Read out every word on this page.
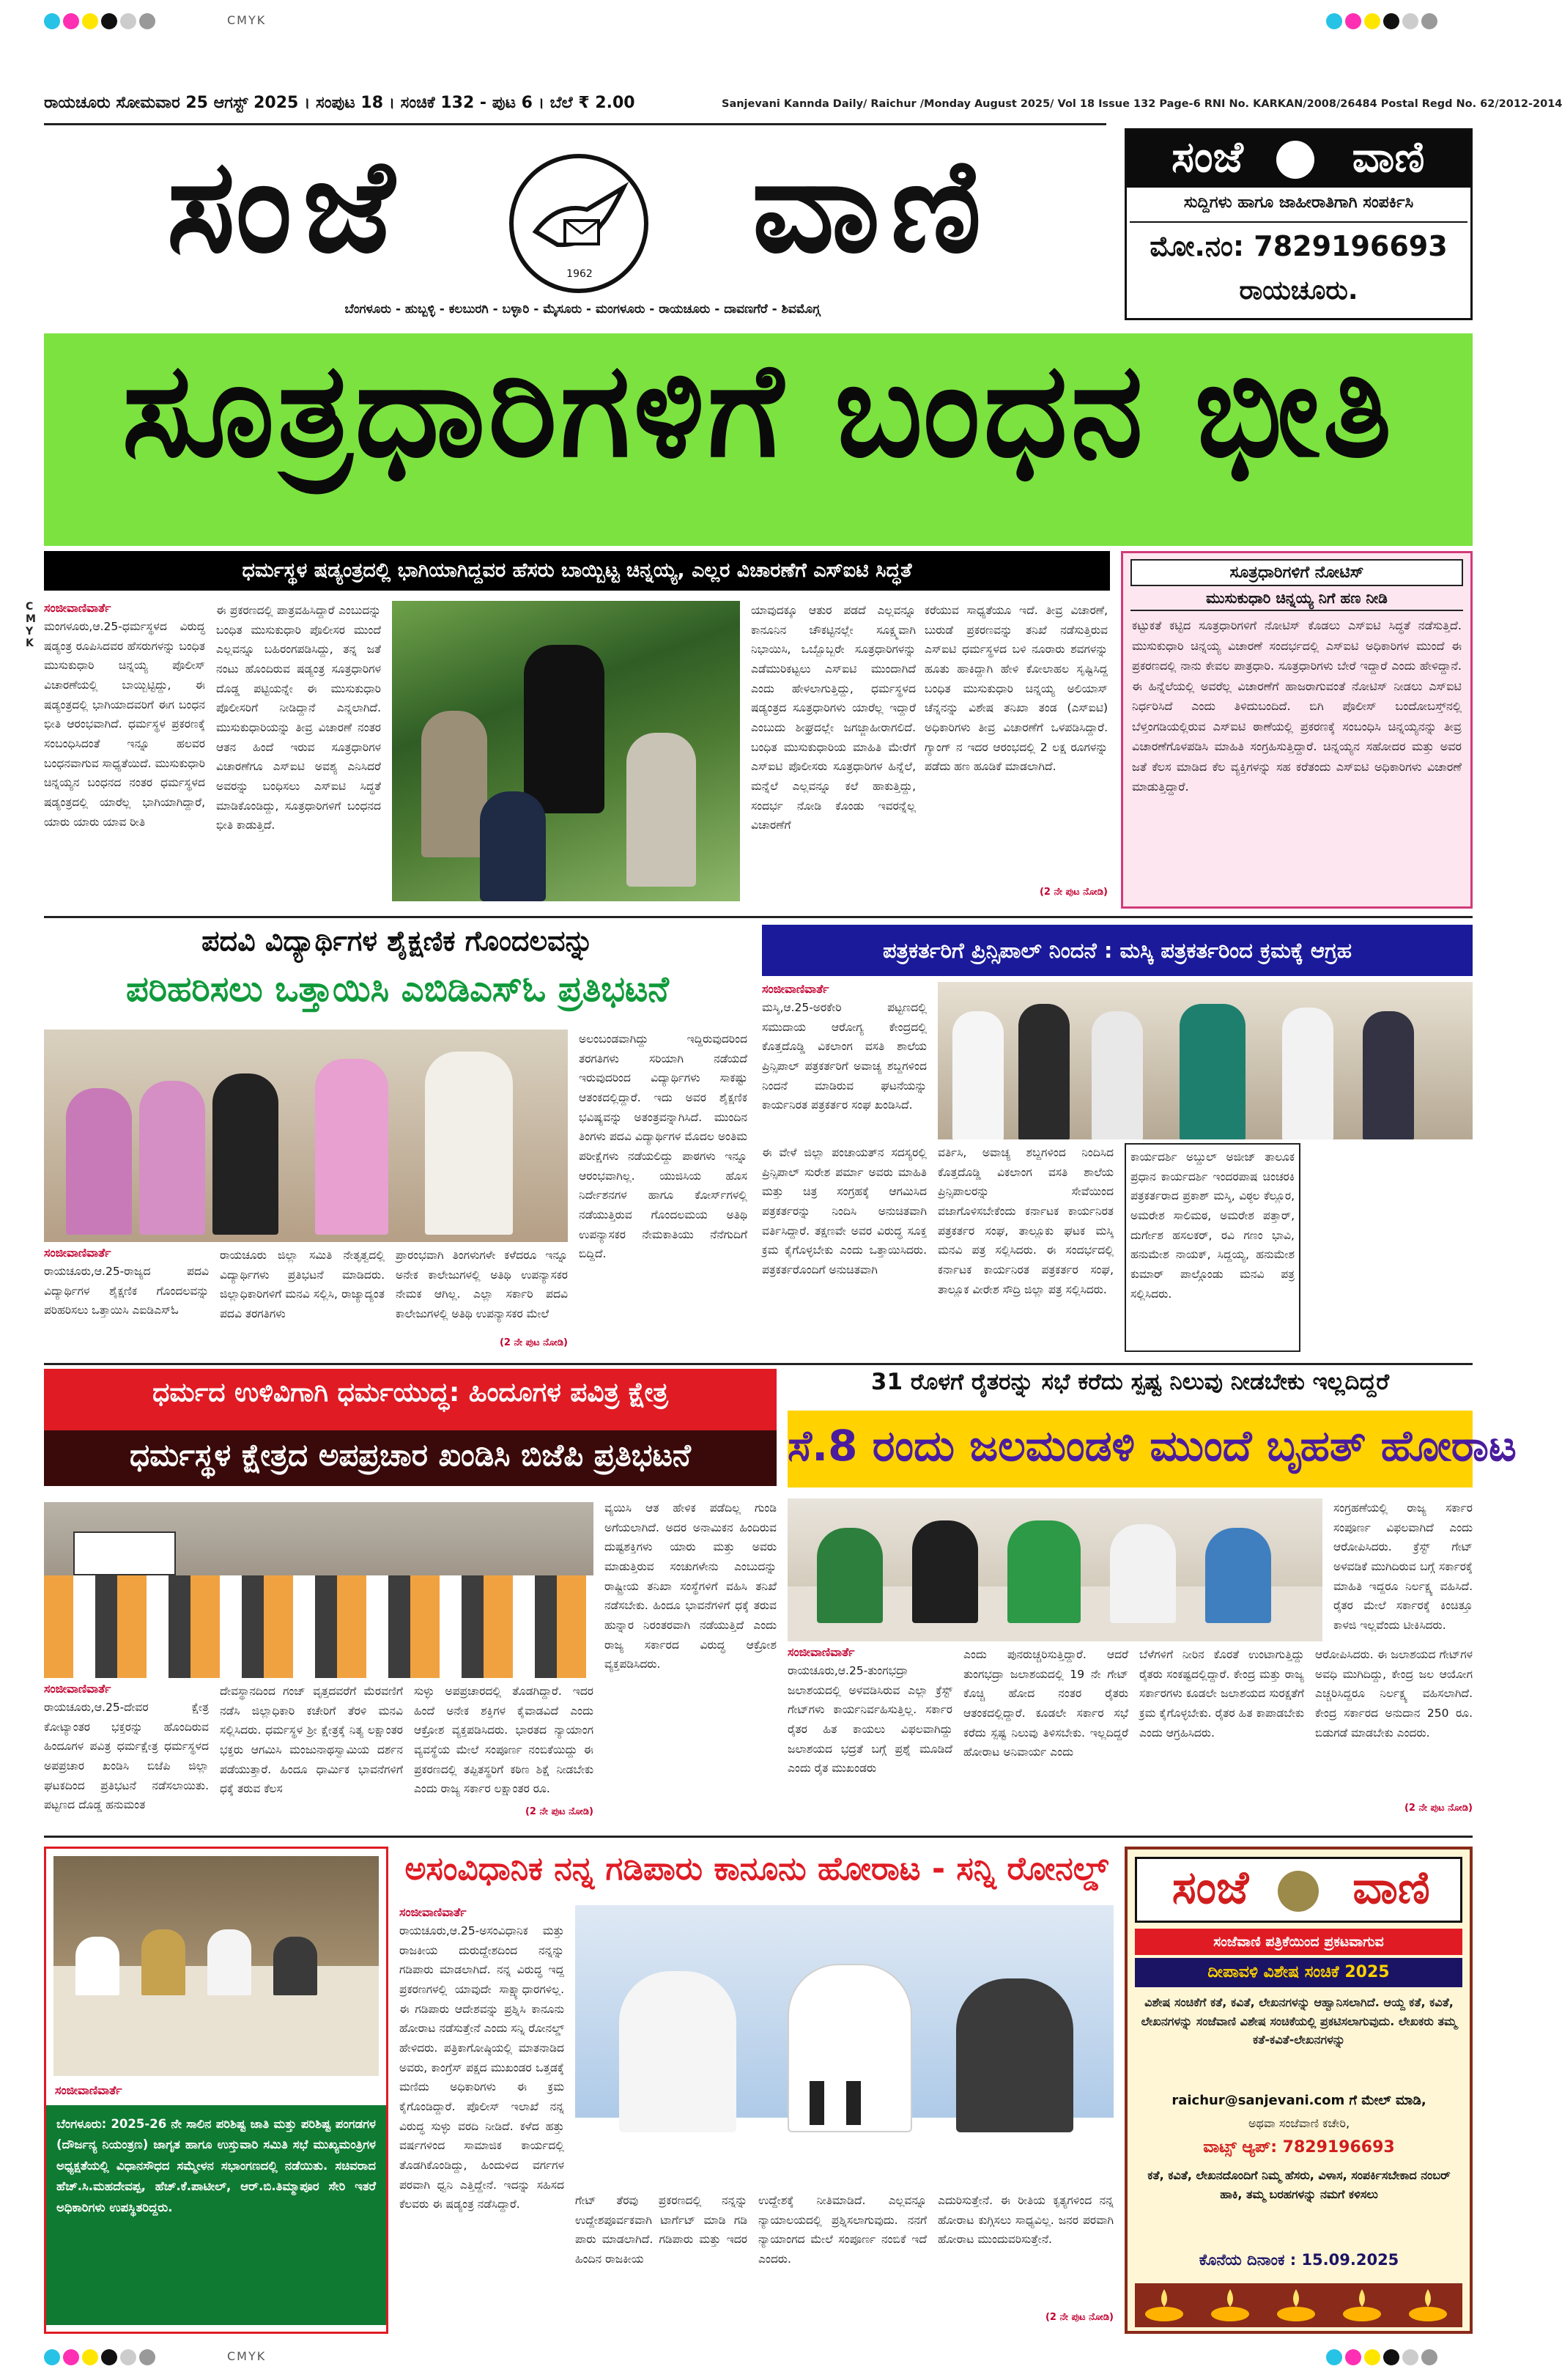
CMYK
CMYK
ರಾಯಚೂರು ಸೋಮವಾರ 25 ಆಗಸ್ಟ್ 2025 । ಸಂಪುಟ 18 । ಸಂಚಿಕೆ 132 - ಪುಟ 6 । ಬೆಲೆ ₹ 2.00	Sanjevani Kannda Daily/ Raichur /Monday August 2025/ Vol 18 Issue 132 Page-6 RNI No. KARKAN/2008/26484 Postal Regd No. 62/2012-2014
ಸಂಜೆ	1962	ವಾಣಿ
ಬೆಂಗಳೂರು - ಹುಬ್ಬಳ್ಳಿ - ಕಲಬುರಗಿ - ಬಳ್ಳಾರಿ - ಮೈಸೂರು - ಮಂಗಳೂರು - ರಾಯಚೂರು - ದಾವಣಗೆರೆ - ಶಿವಮೊಗ್ಗ
ಸಂಜೆ	ವಾಣಿ
ಸುದ್ದಿಗಳು ಹಾಗೂ ಜಾಹೀರಾತಿಗಾಗಿ ಸಂಪರ್ಕಿಸಿ
ಮೋ.ನಂ: 7829196693
ರಾಯಚೂರು.
ಸೂತ್ರಧಾರಿಗಳಿಗೆ ಬಂಧನ ಭೀತಿ
ಧರ್ಮಸ್ಥಳ ಷಡ್ಯಂತ್ರದಲ್ಲಿ ಭಾಗಿಯಾಗಿದ್ದವರ ಹೆಸರು ಬಾಯ್ಬಿಟ್ಟ ಚಿನ್ನಯ್ಯ, ಎಲ್ಲರ ವಿಚಾರಣೆಗೆ ಎಸ್ಐಟಿ ಸಿದ್ಧತೆ
C
M
Y
K
ಸಂಜೀವಾಣಿವಾರ್ತೆ
ಮಂಗಳೂರು,ಆ.25-ಧರ್ಮಸ್ಥಳದ ವಿರುದ್ಧ ಷಡ್ಯಂತ್ರ ರೂಪಿಸಿದವರ ಹೆಸರುಗಳನ್ನು ಬಂಧಿತ ಮುಸುಕುಧಾರಿ ಚಿನ್ನಯ್ಯ ಪೊಲೀಸ್ ವಿಚಾರಣೆಯಲ್ಲಿ ಬಾಯ್ಬಿಟ್ಟಿದ್ದು, ಈ ಷಡ್ಯಂತ್ರದಲ್ಲಿ ಭಾಗಿಯಾದವರಿಗೆ ಈಗ ಬಂಧನ ಭೀತಿ ಆರಂಭವಾಗಿದೆ. ಧರ್ಮಸ್ಥಳ ಪ್ರಕರಣಕ್ಕೆ ಸಂಬಂಧಿಸಿದಂತೆ ಇನ್ನೂ ಹಲವರ ಬಂಧನವಾಗುವ ಸಾಧ್ಯತೆಯಿದೆ. ಮುಸುಕುಧಾರಿ ಚಿನ್ನಯ್ಯನ ಬಂಧನದ ನಂತರ ಧರ್ಮಸ್ಥಳದ ಷಡ್ಯಂತ್ರದಲ್ಲಿ ಯಾರೆಲ್ಲ ಭಾಗಿಯಾಗಿದ್ದಾರೆ, ಯಾರು ಯಾರು ಯಾವ ರೀತಿ
ಈ ಪ್ರಕರಣದಲ್ಲಿ ಪಾತ್ರವಹಿಸಿದ್ದಾರೆ ಎಂಬುದನ್ನು ಬಂಧಿತ ಮುಸುಕುಧಾರಿ ಪೊಲೀಸರ ಮುಂದೆ ಎಲ್ಲವನ್ನೂ ಬಹಿರಂಗಪಡಿಸಿದ್ದು, ತನ್ನ ಜತೆ ನಂಟು ಹೊಂದಿರುವ ಷಡ್ಯಂತ್ರ ಸೂತ್ರಧಾರಿಗಳ ದೊಡ್ಡ ಪಟ್ಟಿಯನ್ನೇ ಈ ಮುಸುಕುಧಾರಿ ಪೊಲೀಸರಿಗೆ ನೀಡಿದ್ದಾನೆ ಎನ್ನಲಾಗಿದೆ. ಮುಸುಕುಧಾರಿಯನ್ನು ತೀವ್ರ ವಿಚಾರಣೆ ನಂತರ ಆತನ ಹಿಂದೆ ಇರುವ ಸೂತ್ರಧಾರಿಗಳ ವಿಚಾರಣೆಗೂ ಎಸ್ಐಟಿ ಅವಶ್ಯ ಎನಿಸಿದರೆ ಅವರನ್ನು ಬಂಧಿಸಲು ಎಸ್ಐಟಿ ಸಿದ್ಧತೆ ಮಾಡಿಕೊಂಡಿದ್ದು, ಸೂತ್ರಧಾರಿಗಳಿಗೆ ಬಂಧನದ ಭೀತಿ ಕಾಡುತ್ತಿದೆ.
ಯಾವುದಕ್ಕೂ ಆತುರ ಪಡದೆ ಎಲ್ಲವನ್ನೂ ಕಾನೂನಿನ ಚೌಕಟ್ಟಿನಲ್ಲೇ ಸೂಕ್ಷ್ಮವಾಗಿ ನಿಭಾಯಿಸಿ, ಒಬ್ಬೊಬ್ಬರೇ ಸೂತ್ರಧಾರಿಗಳನ್ನು ಎಡೆಮುರಿಕಟ್ಟಲು ಎಸ್ಐಟಿ ಮುಂದಾಗಿದೆ ಎಂದು ಹೇಳಲಾಗುತ್ತಿದ್ದು, ಧರ್ಮಸ್ಥಳದ ಷಡ್ಯಂತ್ರದ ಸೂತ್ರಧಾರಿಗಳು ಯಾರೆಲ್ಲ ಇದ್ದಾರೆ ಎಂಬುದು ಶೀಘ್ರದಲ್ಲೇ ಜಗಜ್ಜಾಹೀರಾಗಲಿದೆ. ಬಂಧಿತ ಮುಸುಕುಧಾರಿಯ ಮಾಹಿತಿ ಮೇರೆಗೆ ಎಸ್ಐಟಿ ಪೊಲೀಸರು ಸೂತ್ರಧಾರಿಗಳ ಹಿನ್ನೆಲೆ, ಮನ್ನೆಲೆ ಎಲ್ಲವನ್ನೂ ಕಲೆ ಹಾಕುತ್ತಿದ್ದು, ಸಂದರ್ಭ ನೋಡಿ ಕೊಂಡು ಇವರನ್ನೆಲ್ಲ ವಿಚಾರಣೆಗೆ
ಕರೆಯುವ ಸಾಧ್ಯತೆಯೂ ಇದೆ. ತೀವ್ರ ವಿಚಾರಣೆ, ಬುರುಡೆ ಪ್ರಕರಣವನ್ನು ತನಿಖೆ ನಡೆಸುತ್ತಿರುವ ಎಸ್ಐಟಿ ಧರ್ಮಸ್ಥಳದ ಬಳಿ ನೂರಾರು ಶವಗಳನ್ನು ಹೂತು ಹಾಕಿದ್ದಾಗಿ ಹೇಳಿ ಕೋಲಾಹಲ ಸೃಷ್ಟಿಸಿದ್ದ ಬಂಧಿತ ಮುಸುಕುಧಾರಿ ಚಿನ್ನಯ್ಯ ಅಲಿಯಾಸ್ ಚೆನ್ನನನ್ನು ವಿಶೇಷ ತನಿಖಾ ತಂಡ (ಎಸ್ಐಟಿ) ಅಧಿಕಾರಿಗಳು ತೀವ್ರ ವಿಚಾರಣೆಗೆ ಒಳಪಡಿಸಿದ್ದಾರೆ. ಗ್ಯಾಂಗ್ ನ ಇದರ ಆರಂಭದಲ್ಲಿ 2 ಲಕ್ಷ ರೂಗಳನ್ನು ಪಡೆದು ಹಣ ಹೂಡಿಕೆ ಮಾಡಲಾಗಿದೆ.
(2 ನೇ ಪುಟ ನೋಡಿ)
ಸೂತ್ರಧಾರಿಗಳಿಗೆ ನೋಟಿಸ್
ಮುಸುಕುಧಾರಿ ಚಿನ್ನಯ್ಯ ನಿಗೆ ಹಣ ನೀಡಿ
ಕಟ್ಟುಕತೆ ಕಟ್ಟಿದ ಸೂತ್ರಧಾರಿಗಳಿಗೆ ನೋಟಿಸ್ ಕೊಡಲು ಎಸ್ಐಟಿ ಸಿದ್ಧತೆ ನಡೆಸುತ್ತಿದೆ. ಮುಸುಕುಧಾರಿ ಚಿನ್ನಯ್ಯ ವಿಚಾರಣೆ ಸಂದರ್ಭದಲ್ಲಿ ಎಸ್ಐಟಿ ಅಧಿಕಾರಿಗಳ ಮುಂದೆ ಈ ಪ್ರಕರಣದಲ್ಲಿ ನಾನು ಕೇವಲ ಪಾತ್ರಧಾರಿ. ಸೂತ್ರಧಾರಿಗಳು ಬೇರೆ ಇದ್ದಾರೆ ಎಂದು ಹೇಳಿದ್ದಾನೆ. ಈ ಹಿನ್ನೆಲೆಯಲ್ಲಿ ಅವರೆಲ್ಲ ವಿಚಾರಣೆಗೆ ಹಾಜರಾಗುವಂತೆ ನೋಟಿಸ್ ನೀಡಲು ಎಸ್ಐಟಿ ನಿರ್ಧರಿಸಿದೆ ಎಂದು ತಿಳಿದುಬಂದಿದೆ. ಬಿಗಿ ಪೊಲೀಸ್ ಬಂದೋಬಸ್ತ್‌ನಲ್ಲಿ ಬೆಳ್ತಂಗಡಿಯಲ್ಲಿರುವ ಎಸ್ಐಟಿ ಠಾಣೆಯಲ್ಲಿ ಪ್ರಕರಣಕ್ಕೆ ಸಂಬಂಧಿಸಿ ಚಿನ್ನಯ್ಯನನ್ನು ತೀವ್ರ ವಿಚಾರಣೆಗೊಳಪಡಿಸಿ ಮಾಹಿತಿ ಸಂಗ್ರಹಿಸುತ್ತಿದ್ದಾರೆ. ಚಿನ್ನಯ್ಯನ ಸಹೋದರ ಮತ್ತು ಅವರ ಜತೆ ಕೆಲಸ ಮಾಡಿದ ಕೆಲ ವ್ಯಕ್ತಿಗಳನ್ನು ಸಹ ಕರೆತಂದು ಎಸ್ಐಟಿ ಅಧಿಕಾರಿಗಳು ವಿಚಾರಣೆ ಮಾಡುತ್ತಿದ್ದಾರೆ.
ಪದವಿ ವಿದ್ಯಾರ್ಥಿಗಳ ಶೈಕ್ಷಣಿಕ ಗೊಂದಲವನ್ನು
ಪರಿಹರಿಸಲು ಒತ್ತಾಯಿಸಿ ಎಬಿಡಿಎಸ್ಓ ಪ್ರತಿಭಟನೆ
ಅಲಂಬಂಡವಾಗಿದ್ದು ಇದ್ದಿರುವುದರಿಂದ ತರಗತಿಗಳು ಸರಿಯಾಗಿ ನಡೆಯದೆ ಇರುವುದರಿಂದ ವಿದ್ಯಾರ್ಥಿಗಳು ಸಾಕಷ್ಟು ಆತಂಕದಲ್ಲಿದ್ದಾರೆ. ಇದು ಅವರ ಶೈಕ್ಷಣಿಕ ಭವಿಷ್ಯವನ್ನು ಅತಂತ್ರವನ್ನಾಗಿಸಿದೆ. ಮುಂದಿನ ತಿಂಗಳು ಪದವಿ ವಿದ್ಯಾರ್ಥಿಗಳ ಮೊದಲ ಅಂತಿಮ ಪರೀಕ್ಷೆಗಳು ನಡೆಯಲಿದ್ದು ಪಾಠಗಳು ಇನ್ನೂ ಆರಂಭವಾಗಿಲ್ಲ. ಯುಜಿಸಿಯ ಹೊಸ ನಿರ್ದೇಶನಗಳ ಹಾಗೂ ಕೋರ್ಸ್‌ಗಳಲ್ಲಿ ನಡೆಯುತ್ತಿರುವ ಗೊಂದಲಮಯ ಅತಿಥಿ ಉಪನ್ಯಾಸಕರ ನೇಮಕಾತಿಯು ನೆನೆಗುದಿಗೆ ಬಿದ್ದಿದೆ.
ಸಂಜೀವಾಣಿವಾರ್ತೆ
ರಾಯಚೂರು,ಆ.25-ರಾಜ್ಯದ ಪದವಿ ವಿದ್ಯಾರ್ಥಿಗಳ ಶೈಕ್ಷಣಿಕ ಗೊಂದಲವನ್ನು ಪರಿಹರಿಸಲು ಒತ್ತಾಯಿಸಿ ಎಐಡಿಎಸ್ಓ
ರಾಯಚೂರು ಜಿಲ್ಲಾ ಸಮಿತಿ ನೇತೃತ್ವದಲ್ಲಿ ವಿದ್ಯಾರ್ಥಿಗಳು ಪ್ರತಿಭಟನೆ ಮಾಡಿದರು. ಜಿಲ್ಲಾಧಿಕಾರಿಗಳಿಗೆ ಮನವಿ ಸಲ್ಲಿಸಿ, ರಾಜ್ಯಾದ್ಯಂತ ಪದವಿ ತರಗತಿಗಳು
ಪ್ರಾರಂಭವಾಗಿ ತಿಂಗಳುಗಳೇ ಕಳೆದರೂ ಇನ್ನೂ ಅನೇಕ ಕಾಲೇಜುಗಳಲ್ಲಿ ಅತಿಥಿ ಉಪನ್ಯಾಸಕರ ನೇಮಕ ಆಗಿಲ್ಲ. ಎಲ್ಲಾ ಸರ್ಕಾರಿ ಪದವಿ ಕಾಲೇಜುಗಳಲ್ಲಿ ಅತಿಥಿ ಉಪನ್ಯಾಸಕರ ಮೇಲೆ
(2 ನೇ ಪುಟ ನೋಡಿ)
ಪತ್ರಕರ್ತರಿಗೆ ಪ್ರಿನ್ಸಿಪಾಲ್ ನಿಂದನೆ : ಮಸ್ಕಿ ಪತ್ರಕರ್ತರಿಂದ ಕ್ರಮಕ್ಕೆ ಆಗ್ರಹ
ಸಂಜೀವಾಣಿವಾರ್ತೆ
ಮಸ್ಕಿ,ಆ.25-ಅರಕೇರಿ ಪಟ್ಟಣದಲ್ಲಿ ಸಮುದಾಯ ಆರೋಗ್ಯ ಕೇಂದ್ರದಲ್ಲಿ ಕೊತ್ತದೊಡ್ಡಿ ವಿಕಲಾಂಗ ವಸತಿ ಶಾಲೆಯ ಪ್ರಿನ್ಸಿಪಾಲ್ ಪತ್ರಕರ್ತರಿಗೆ ಅವಾಚ್ಯ ಶಬ್ದಗಳಿಂದ ನಿಂದನೆ ಮಾಡಿರುವ ಘಟನೆಯನ್ನು ಕಾರ್ಯನಿರತ ಪತ್ರಕರ್ತರ ಸಂಘ ಖಂಡಿಸಿದೆ.
ಈ ವೇಳೆ ಜಿಲ್ಲಾ ಪಂಚಾಯತ್‌ನ ಸದಸ್ಯರಲ್ಲಿ ಪ್ರಿನ್ಸಿಪಾಲ್ ಸುರೇಶ ಪರ್ಮಾ ಅವರು ಮಾಹಿತಿ ಮತ್ತು ಚಿತ್ರ ಸಂಗ್ರಹಕ್ಕೆ ಆಗಮಿಸಿದ ಪತ್ರಕರ್ತರನ್ನು ನಿಂದಿಸಿ ಅನುಚಿತವಾಗಿ ವರ್ತಿಸಿದ್ದಾರೆ. ತಕ್ಷಣವೇ ಅವರ ವಿರುದ್ಧ ಸೂಕ್ತ ಕ್ರಮ ಕೈಗೊಳ್ಳಬೇಕು ಎಂದು ಒತ್ತಾಯಿಸಿದರು. ಪತ್ರಕರ್ತರೊಂದಿಗೆ ಅನುಚಿತವಾಗಿ
ವರ್ತಿಸಿ, ಅವಾಚ್ಯ ಶಬ್ದಗಳಿಂದ ನಿಂದಿಸಿದ ಕೊತ್ತದೊಡ್ಡಿ ವಿಕಲಾಂಗ ವಸತಿ ಶಾಲೆಯ ಪ್ರಿನ್ಸಿಪಾಲರನ್ನು ಸೇವೆಯಿಂದ ವಜಾಗೊಳಿಸಬೇಕೆಂದು ಕರ್ನಾಟಕ ಕಾರ್ಯನಿರತ ಪತ್ರಕರ್ತರ ಸಂಘ, ತಾಲ್ಲೂಕು ಘಟಕ ಮಸ್ಕಿ ಮನವಿ ಪತ್ರ ಸಲ್ಲಿಸಿದರು. ಈ ಸಂದರ್ಭದಲ್ಲಿ ಕರ್ನಾಟಕ ಕಾರ್ಯನಿರತ ಪತ್ರಕರ್ತರ ಸಂಘ, ತಾಲ್ಲೂಕ ವೀರೇಶ ಸೌದ್ರಿ ಜಿಲ್ಲಾ ಪತ್ರ ಸಲ್ಲಿಸಿದರು.
ಕಾರ್ಯದರ್ಶಿ ಅಬ್ದುಲ್ ಅಜೀಜ್ ತಾಲೂಕ ಪ್ರಧಾನ ಕಾರ್ಯದರ್ಶಿ ಇಂದರಪಾಷ ಚಿಂಚರಕಿ ಪತ್ರಕರ್ತರಾದ ಪ್ರಕಾಶ್ ಮಸ್ಕಿ, ವಿಠ್ಠಲ ಕೆಲ್ಲೂರ, ಅಮರೇಶ ಸಾಲಿಮಠ, ಅಮರೇಶ ಪತ್ತಾರ್, ದುರ್ಗೇಶ ಹಸಲಕರ್, ರವಿ ಗಣಂ ಭಾವಿ, ಹನುಮೇಶ ನಾಯಕ್, ಸಿದ್ದಯ್ಯ, ಹನುಮೇಶ ಕುಮಾರ್ ಪಾಲ್ಗೊಂಡು ಮನವಿ ಪತ್ರ ಸಲ್ಲಿಸಿದರು.
ಧರ್ಮದ ಉಳಿವಿಗಾಗಿ ಧರ್ಮಯುದ್ಧ: ಹಿಂದೂಗಳ ಪವಿತ್ರ ಕ್ಷೇತ್ರ
ಧರ್ಮಸ್ಥಳ ಕ್ಷೇತ್ರದ ಅಪಪ್ರಚಾರ ಖಂಡಿಸಿ ಬಿಜೆಪಿ ಪ್ರತಿಭಟನೆ
ವ್ಯಯಿಸಿ ಆತ ಹೇಳಿಕ ಪಡೆದಿಲ್ಲ ಗುಂಡಿ ಅಗೆಯಲಾಗಿದೆ. ಅದರ ಅನಾಮಿಕನ ಹಿಂದಿರುವ ದುಷ್ಟಶಕ್ತಿಗಳು ಯಾರು ಮತ್ತು ಅವರು ಮಾಡುತ್ತಿರುವ ಸಂಚುಗಳೇನು ಎಂಬುದನ್ನು ರಾಷ್ಟ್ರೀಯ ತನಿಖಾ ಸಂಸ್ಥೆಗಳಿಗೆ ವಹಿಸಿ ತನಿಖೆ ನಡೆಸಬೇಕು. ಹಿಂದೂ ಭಾವನೆಗಳಿಗೆ ಧಕ್ಕೆ ತರುವ ಹುನ್ನಾರ ನಿರಂತರವಾಗಿ ನಡೆಯುತ್ತಿದೆ ಎಂದು ರಾಜ್ಯ ಸರ್ಕಾರದ ವಿರುದ್ಧ ಆಕ್ರೋಶ ವ್ಯಕ್ತಪಡಿಸಿದರು.
ಸಂಜೀವಾಣಿವಾರ್ತೆ
ರಾಯಚೂರು,ಆ.25-ದೇವರ ಕ್ಷೇತ್ರ ಕೋಟ್ಯಾಂತರ ಭಕ್ತರನ್ನು ಹೊಂದಿರುವ ಹಿಂದೂಗಳ ಪವಿತ್ರ ಧರ್ಮಕ್ಷೇತ್ರ ಧರ್ಮಸ್ಥಳದ ಅಪಪ್ರಚಾರ ಖಂಡಿಸಿ ಬಿಜೆಪಿ ಜಿಲ್ಲಾ ಘಟಕದಿಂದ ಪ್ರತಿಭಟನೆ ನಡೆಸಲಾಯಿತು. ಪಟ್ಟಣದ ದೊಡ್ಡ ಹನುಮಂತ
ದೇವಸ್ಥಾನದಿಂದ ಗಂಜ್ ವೃತ್ತದವರೆಗೆ ಮೆರವಣಿಗೆ ನಡೆಸಿ ಜಿಲ್ಲಾಧಿಕಾರಿ ಕಚೇರಿಗೆ ತೆರಳಿ ಮನವಿ ಸಲ್ಲಿಸಿದರು. ಧರ್ಮಸ್ಥಳ ಶ್ರೀ ಕ್ಷೇತ್ರಕ್ಕೆ ನಿತ್ಯ ಲಕ್ಷಾಂತರ ಭಕ್ತರು ಆಗಮಿಸಿ ಮಂಜುನಾಥಸ್ವಾಮಿಯ ದರ್ಶನ ಪಡೆಯುತ್ತಾರೆ. ಹಿಂದೂ ಧಾರ್ಮಿಕ ಭಾವನೆಗಳಿಗೆ ಧಕ್ಕೆ ತರುವ ಕೆಲಸ
ಸುಳ್ಳು ಅಪಪ್ರಚಾರದಲ್ಲಿ ತೊಡಗಿದ್ದಾರೆ. ಇದರ ಹಿಂದೆ ಅನೇಕ ಶಕ್ತಿಗಳ ಕೈವಾಡವಿದೆ ಎಂದು ಆಕ್ರೋಶ ವ್ಯಕ್ತಪಡಿಸಿದರು. ಭಾರತದ ನ್ಯಾಯಾಂಗ ವ್ಯವಸ್ಥೆಯ ಮೇಲೆ ಸಂಪೂರ್ಣ ನಂಬಿಕೆಯಿದ್ದು ಈ ಪ್ರಕರಣದಲ್ಲಿ ತಪ್ಪಿತಸ್ಥರಿಗೆ ಕಠಿಣ ಶಿಕ್ಷೆ ನೀಡಬೇಕು ಎಂದು ರಾಜ್ಯ ಸರ್ಕಾರ ಲಕ್ಷಾಂತರ ರೂ.
(2 ನೇ ಪುಟ ನೋಡಿ)
31 ರೊಳಗೆ ರೈತರನ್ನು ಸಭೆ ಕರೆದು ಸ್ಪಷ್ಟ ನಿಲುವು ನೀಡಬೇಕು ಇಲ್ಲದಿದ್ದರೆ
ಸೆ.8 ರಂದು ಜಲಮಂಡಳಿ ಮುಂದೆ ಬೃಹತ್ ಹೋರಾಟ
ಸಂಗ್ರಹಣೆಯಲ್ಲಿ ರಾಜ್ಯ ಸರ್ಕಾರ ಸಂಪೂರ್ಣ ವಿಫಲವಾಗಿದೆ ಎಂದು ಆರೋಪಿಸಿದರು. ಕ್ರೆಸ್ಟ್ ಗೇಟ್ ಅಳವಡಿಕೆ ಮುಗಿದಿರುವ ಬಗ್ಗೆ ಸರ್ಕಾರಕ್ಕೆ ಮಾಹಿತಿ ಇದ್ದರೂ ನಿರ್ಲಕ್ಷ್ಯ ವಹಿಸಿದೆ. ರೈತರ ಮೇಲೆ ಸರ್ಕಾರಕ್ಕೆ ಕಿಂಚಿತ್ತೂ ಕಾಳಜಿ ಇಲ್ಲವೆಂದು ಟೀಕಿಸಿದರು.
ಸಂಜೀವಾಣಿವಾರ್ತೆ
ರಾಯಚೂರು,ಆ.25-ತುಂಗಭದ್ರಾ ಜಲಾಶಯದಲ್ಲಿ ಅಳವಡಿಸಿರುವ ಎಲ್ಲಾ ಕ್ರೆಸ್ಟ್ ಗೇಟ್‌ಗಳು ಕಾರ್ಯನಿರ್ವಹಿಸುತ್ತಿಲ್ಲ. ಸರ್ಕಾರ ರೈತರ ಹಿತ ಕಾಯಲು ವಿಫಲವಾಗಿದ್ದು ಜಲಾಶಯದ ಭದ್ರತೆ ಬಗ್ಗೆ ಪ್ರಶ್ನೆ ಮೂಡಿದೆ ಎಂದು ರೈತ ಮುಖಂಡರು
ಎಂದು ಪುನರುಚ್ಚರಿಸುತ್ತಿದ್ದಾರೆ. ಆದರೆ ತುಂಗಭದ್ರಾ ಜಲಾಶಯದಲ್ಲಿ 19 ನೇ ಗೇಟ್ ಕೊಚ್ಚಿ ಹೋದ ನಂತರ ರೈತರು ಆತಂಕದಲ್ಲಿದ್ದಾರೆ. ಕೂಡಲೇ ಸರ್ಕಾರ ಸಭೆ ಕರೆದು ಸ್ಪಷ್ಟ ನಿಲುವು ತಿಳಿಸಬೇಕು. ಇಲ್ಲದಿದ್ದರೆ ಹೋರಾಟ ಅನಿವಾರ್ಯ ಎಂದು
ಬೆಳೆಗಳಿಗೆ ನೀರಿನ ಕೊರತೆ ಉಂಟಾಗುತ್ತಿದ್ದು ರೈತರು ಸಂಕಷ್ಟದಲ್ಲಿದ್ದಾರೆ. ಕೇಂದ್ರ ಮತ್ತು ರಾಜ್ಯ ಸರ್ಕಾರಗಳು ಕೂಡಲೇ ಜಲಾಶಯದ ಸುರಕ್ಷತೆಗೆ ಕ್ರಮ ಕೈಗೊಳ್ಳಬೇಕು. ರೈತರ ಹಿತ ಕಾಪಾಡಬೇಕು ಎಂದು ಆಗ್ರಹಿಸಿದರು.
ಆರೋಪಿಸಿದರು. ಈ ಜಲಾಶಯದ ಗೇಟ್‌ಗಳ ಅವಧಿ ಮುಗಿದಿದ್ದು, ಕೇಂದ್ರ ಜಲ ಆಯೋಗ ಎಚ್ಚರಿಸಿದ್ದರೂ ನಿರ್ಲಕ್ಷ್ಯ ವಹಿಸಲಾಗಿದೆ. ಕೇಂದ್ರ ಸರ್ಕಾರದ ಅನುದಾನ 250 ರೂ. ಬಿಡುಗಡೆ ಮಾಡಬೇಕು ಎಂದರು.
(2 ನೇ ಪುಟ ನೋಡಿ)
ಸಂಜೀವಾಣಿವಾರ್ತೆ
ಬೆಂಗಳೂರು: 2025-26 ನೇ ಸಾಲಿನ ಪರಿಶಿಷ್ಟ ಜಾತಿ ಮತ್ತು ಪರಿಶಿಷ್ಟ ಪಂಗಡಗಳ (ದೌರ್ಜನ್ಯ ನಿಯಂತ್ರಣ) ಜಾಗೃತ ಹಾಗೂ ಉಸ್ತುವಾರಿ ಸಮಿತಿ ಸಭೆ ಮುಖ್ಯಮಂತ್ರಿಗಳ ಅಧ್ಯಕ್ಷತೆಯಲ್ಲಿ ವಿಧಾನಸೌಧದ ಸಮ್ಮೇಳನ ಸಭಾಂಗಣದಲ್ಲಿ ನಡೆಯಿತು. ಸಚಿವರಾದ ಹೆಚ್.ಸಿ.ಮಹದೇವಪ್ಪ, ಹೆಚ್.ಕೆ.ಪಾಟೀಲ್, ಆರ್.ಬಿ.ತಿಮ್ಮಾಪೂರ ಸೇರಿ ಇತರೆ ಅಧಿಕಾರಿಗಳು ಉಪಸ್ಥಿತರಿದ್ದರು.
ಅಸಂವಿಧಾನಿಕ ನನ್ನ ಗಡಿಪಾರು ಕಾನೂನು ಹೋರಾಟ - ಸನ್ನಿ ರೋನಲ್ಡ್
ಸಂಜೀವಾಣಿವಾರ್ತೆ
ರಾಯಚೂರು,ಆ.25-ಅಸಂವಿಧಾನಿಕ ಮತ್ತು ರಾಜಕೀಯ ದುರುದ್ದೇಶದಿಂದ ನನ್ನನ್ನು ಗಡಿಪಾರು ಮಾಡಲಾಗಿದೆ. ನನ್ನ ವಿರುದ್ಧ ಇದ್ದ ಪ್ರಕರಣಗಳಲ್ಲಿ ಯಾವುದೇ ಸಾಕ್ಷ್ಯಾಧಾರಗಳಿಲ್ಲ. ಈ ಗಡಿಪಾರು ಆದೇಶವನ್ನು ಪ್ರಶ್ನಿಸಿ ಕಾನೂನು ಹೋರಾಟ ನಡೆಸುತ್ತೇನೆ ಎಂದು ಸನ್ನಿ ರೋನಲ್ಡ್ ಹೇಳಿದರು. ಪತ್ರಿಕಾಗೋಷ್ಠಿಯಲ್ಲಿ ಮಾತನಾಡಿದ ಅವರು, ಕಾಂಗ್ರೆಸ್ ಪಕ್ಷದ ಮುಖಂಡರ ಒತ್ತಡಕ್ಕೆ ಮಣಿದು ಅಧಿಕಾರಿಗಳು ಈ ಕ್ರಮ ಕೈಗೊಂಡಿದ್ದಾರೆ. ಪೊಲೀಸ್ ಇಲಾಖೆ ನನ್ನ ವಿರುದ್ಧ ಸುಳ್ಳು ವರದಿ ನೀಡಿದೆ. ಕಳೆದ ಹತ್ತು ವರ್ಷಗಳಿಂದ ಸಾಮಾಜಿಕ ಕಾರ್ಯದಲ್ಲಿ ತೊಡಗಿಕೊಂಡಿದ್ದು, ಹಿಂದುಳಿದ ವರ್ಗಗಳ ಪರವಾಗಿ ಧ್ವನಿ ಎತ್ತಿದ್ದೇನೆ. ಇದನ್ನು ಸಹಿಸದ ಕೆಲವರು ಈ ಷಡ್ಯಂತ್ರ ನಡೆಸಿದ್ದಾರೆ.	ಗೇಟ್ ತೆರವು ಪ್ರಕರಣದಲ್ಲಿ ನನ್ನನ್ನು ಉದ್ದೇಶಪೂರ್ವಕವಾಗಿ ಟಾರ್ಗೆಟ್ ಮಾಡಿ ಗಡಿ ಪಾರು ಮಾಡಲಾಗಿದೆ. ಗಡಿಪಾರು ಮತ್ತು ಇದರ ಹಿಂದಿನ ರಾಜಕೀಯ
ಉದ್ದೇಶಕ್ಕೆ ನೀತಿಮಾಡಿದೆ. ಎಲ್ಲವನ್ನೂ ನ್ಯಾಯಾಲಯದಲ್ಲಿ ಪ್ರಶ್ನಿಸಲಾಗುವುದು. ನನಗೆ ನ್ಯಾಯಾಂಗದ ಮೇಲೆ ಸಂಪೂರ್ಣ ನಂಬಿಕೆ ಇದೆ ಎಂದರು.
ಎದುರಿಸುತ್ತೇನೆ. ಈ ರೀತಿಯ ಕೃತ್ಯಗಳಿಂದ ನನ್ನ ಹೋರಾಟ ಕುಗ್ಗಿಸಲು ಸಾಧ್ಯವಿಲ್ಲ. ಜನರ ಪರವಾಗಿ ಹೋರಾಟ ಮುಂದುವರಿಸುತ್ತೇನೆ.
(2 ನೇ ಪುಟ ನೋಡಿ)
ಸಂಜೆ	ವಾಣಿ
ಸಂಜೆವಾಣಿ ಪತ್ರಿಕೆಯಿಂದ ಪ್ರಕಟವಾಗುವ
ದೀಪಾವಳಿ ವಿಶೇಷ ಸಂಚಿಕೆ 2025
ವಿಶೇಷ ಸಂಚಿಕೆಗೆ ಕತೆ, ಕವಿತೆ, ಲೇಖನಗಳನ್ನು ಆಹ್ವಾನಿಸಲಾಗಿದೆ. ಆಯ್ದ ಕತೆ, ಕವಿತೆ, ಲೇಖನಗಳನ್ನು ಸಂಜೆವಾಣಿ ವಿಶೇಷ ಸಂಚಿಕೆಯಲ್ಲಿ ಪ್ರಕಟಿಸಲಾಗುವುದು. ಲೇಖಕರು ತಮ್ಮ ಕತೆ-ಕವಿತೆ-ಲೇಖನಗಳನ್ನು
raichur@sanjevani.com ಗೆ ಮೇಲ್ ಮಾಡಿ,
ಅಥವಾ ಸಂಜೆವಾಣಿ ಕಚೇರಿ,
ವಾಟ್ಸ್ ಆ್ಯಪ್: 7829196693
ಕತೆ, ಕವಿತೆ, ಲೇಖನದೊಂದಿಗೆ ನಿಮ್ಮ ಹೆಸರು, ವಿಳಾಸ, ಸಂಪರ್ಕಿಸಬೇಕಾದ ನಂಬರ್ ಹಾಕಿ, ತಮ್ಮ ಬರಹಗಳನ್ನು ನಮಗೆ ಕಳಿಸಲು
ಕೊನೆಯ ದಿನಾಂಕ : 15.09.2025
